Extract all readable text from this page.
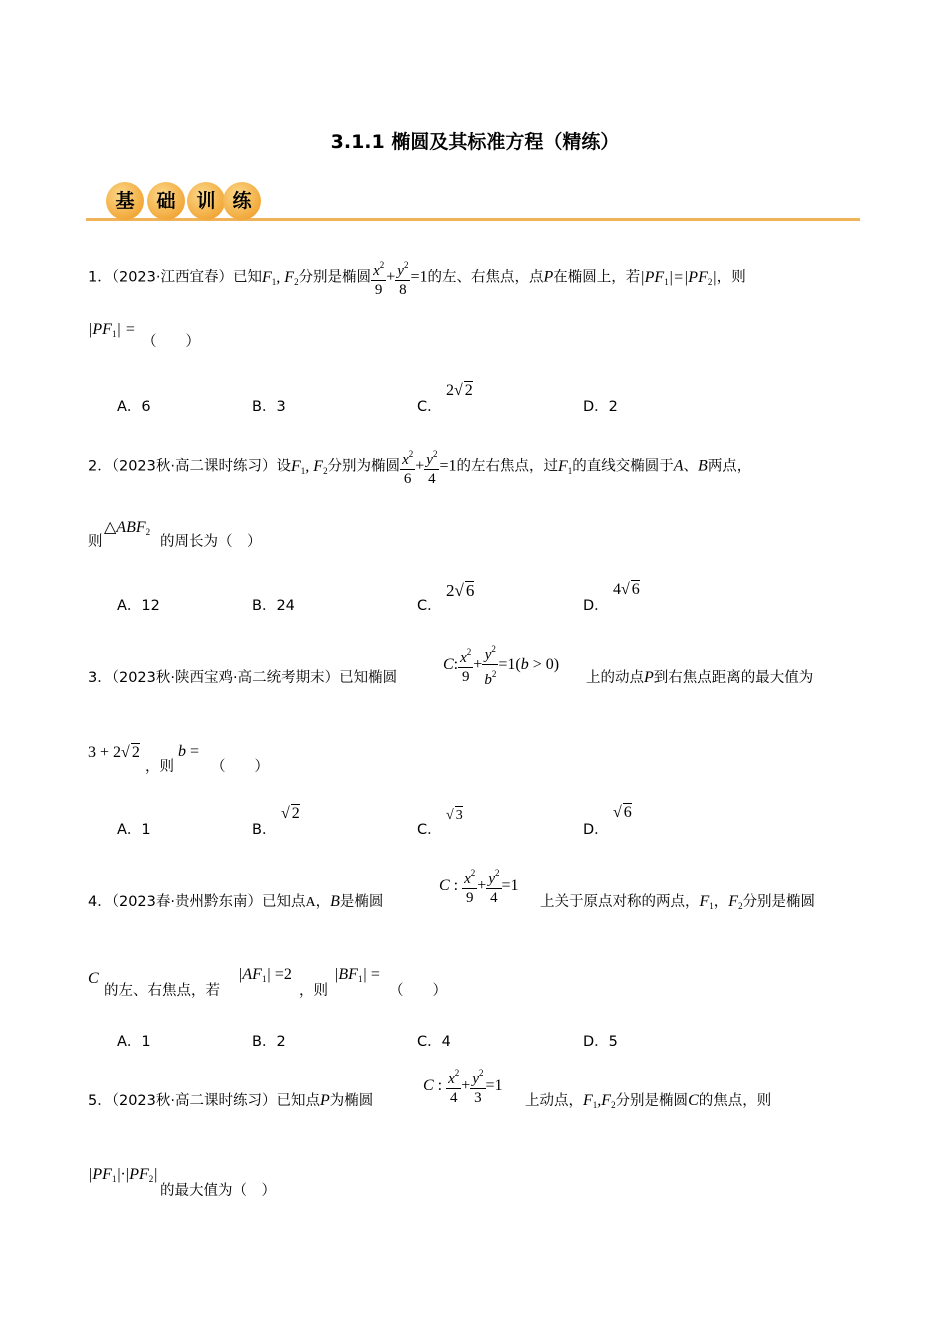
3.1.1 椭圆及其标准方程（精练）
基	础	训 练
1．（2023·江西宜春）已知$F_1$, $F_2$分别是椭圆 $\frac{x^2}{9} + \frac{y^2}{8} =1$的左、右焦点，点P在椭圆上，若$|PF_1|=|PF_2|$，则
$|PF_1|$ =
（　　）
A．6	B．3	C．
2√ 2
D．2
2．（2023秋·高二课时练习）设$F_1$, $F_2$分别为椭圆 $\frac{x^2}{6} + \frac{y^2}{4} =1$的左右焦点，过$F_1$的直线交椭圆于A、B两点，
则
$\triangle ABF_2$
的周长为（　）
A．12	B．24	C．
2√ 6
D．
4√ 6
3．（2023秋·陕西宝鸡·高二统考期末）已知椭圆
C: $\frac{x^2}{9} + \frac{y^2}{b^2} =1(b > 0)$
上的动点P到右焦点距离的最大值为
3 + 2√ 2
，则
b =
（　　）
A．1	B．
√ 2
C．
√ 3
D．
√ 6
4．（2023春·贵州黔东南）已知点A，B是椭圆
C : $\frac{x^2}{9} + \frac{y^2}{4} =1$
上关于原点对称的两点，$F_1$，$F_2$分别是椭圆
C
的左、右焦点，若
$|AF_1| =2$
，则
$|BF_1|$ =
（　　）
A．1	B．2	C．4	D．5
5．（2023秋·高二课时练习）已知点P为椭圆
C : $\frac{x^2}{4} + \frac{y^2}{3} =1$
上动点，$F_1,F_2$分别是椭圆C的焦点，则
$|PF_1|\cdot|PF_2|$
的最大值为（　）
